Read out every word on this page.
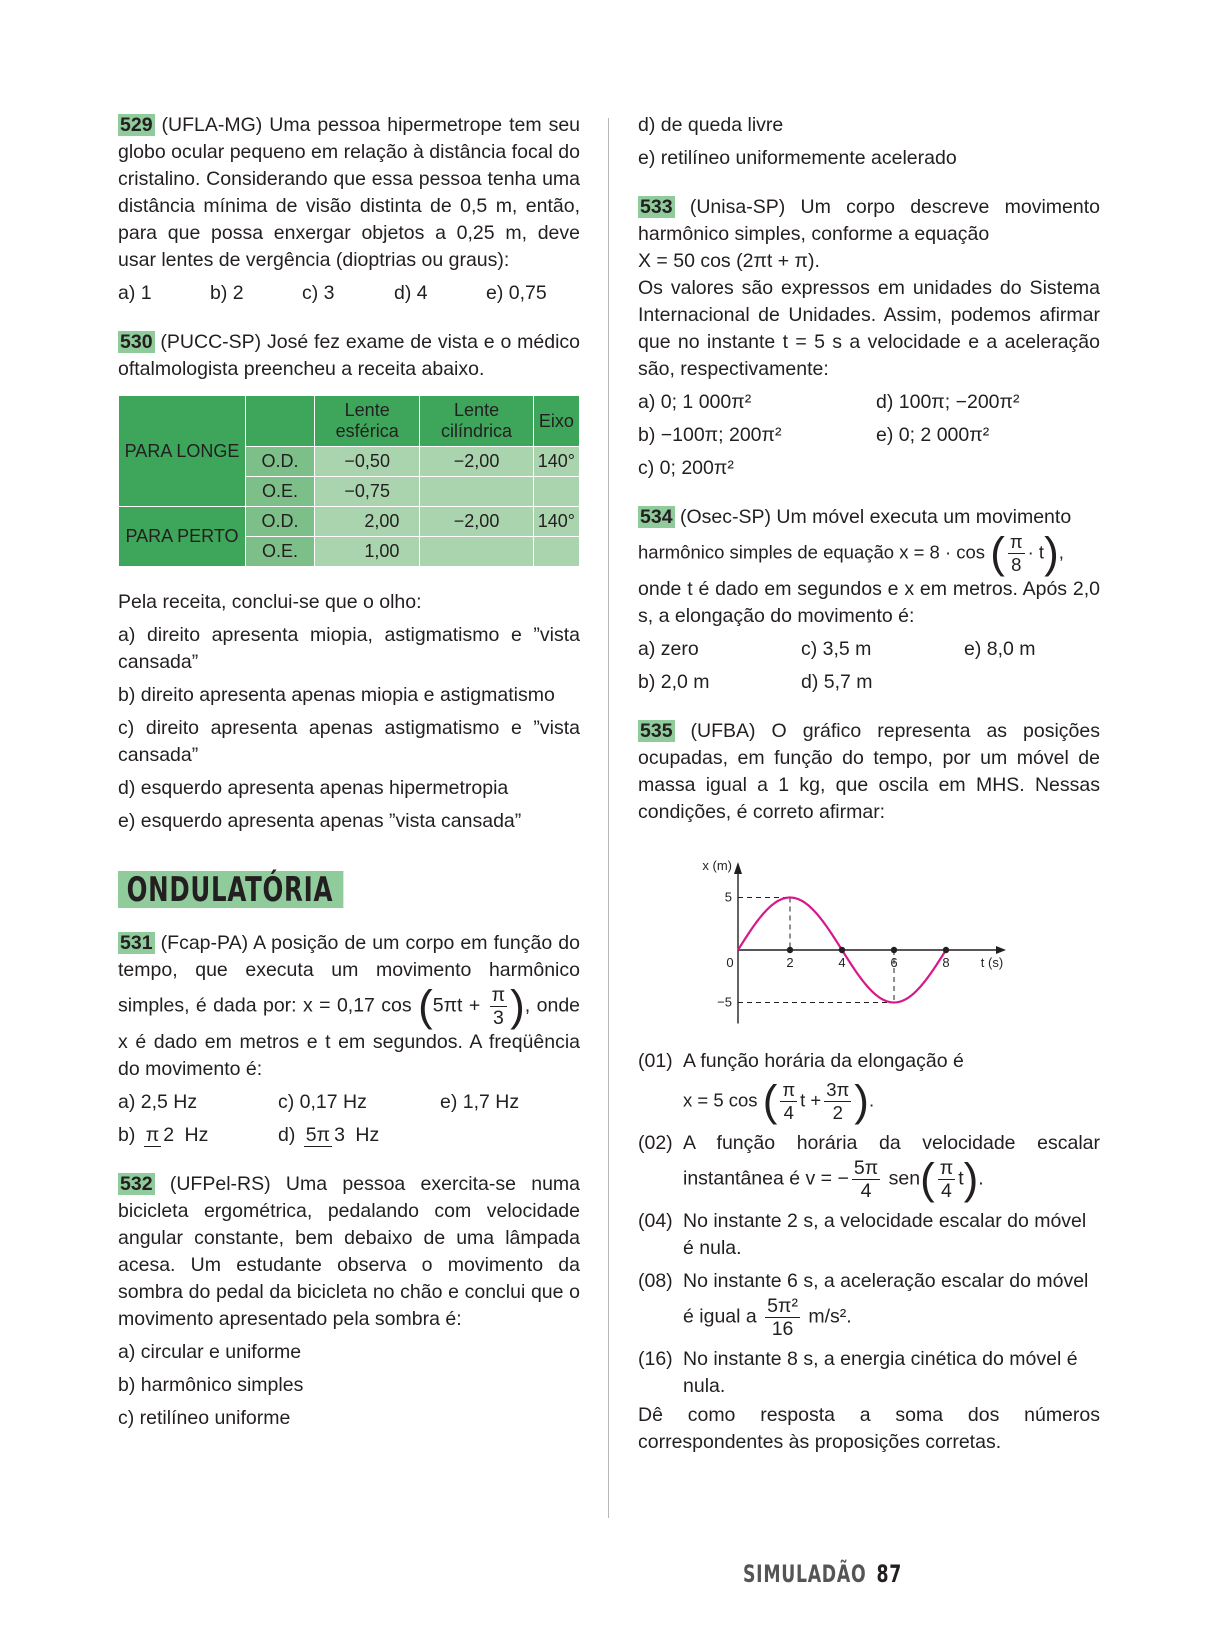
529 (UFLA-MG) Uma pessoa hipermetrope tem seu globo ocular pequeno em relação à distância focal do cristalino. Considerando que essa pessoa tenha uma distância mínima de visão distinta de 0,5 m, então, para que possa enxergar objetos a 0,25 m, deve usar lentes de vergência (dioptrias ou graus):

a) 1	b) 2	c) 3	d) 4	e) 0,75

530 (PUCC-SP) José fez exame de vista e o médico oftalmologista preencheu a receita abaixo.

PARA LONGE		Lente esférica	Lente cilíndrica	Eixo
	O.D.	−0,50	−2,00	140°
	O.E.	−0,75		
PARA PERTO	O.D.	2,00	−2,00	140°
	O.E.	1,00		

Pela receita, conclui-se que o olho:

a) direito apresenta miopia, astigmatismo e ”vista cansada”

b) direito apresenta apenas miopia e astigmatismo

c) direito apresenta apenas astigmatismo e ”vista cansada”

d) esquerdo apresenta apenas hipermetropia

e) esquerdo apresenta apenas ”vista cansada”

ONDULATÓRIA

531 (Fcap-PA) A posição de um corpo em função do tempo, que executa um movimento harmônico simples, é dada por: x = 0,17 $\cos (5\pi t + \frac{\pi}{3}$ ), onde x é dado em metros e t em segundos. A freqüência do movimento é:

a) 2,5 Hz	c) 0,17 Hz	e) 1,7 Hz
b) π 2 Hz	d) 5π 3 Hz

532 (UFPel-RS) Uma pessoa exercita-se numa bicicleta ergométrica, pedalando com velocidade angular constante, bem debaixo de uma lâmpada acesa. Um estudante observa o movimento da sombra do pedal da bicicleta no chão e conclui que o movimento apresentado pela sombra é:

a) circular e uniforme

b) harmônico simples

c) retilíneo uniforme

d) de queda livre

e) retilíneo uniformemente acelerado

533 (Unisa-SP) Um corpo descreve movimento harmônico simples, conforme a equação

X = 50 cos (2πt + π).

Os valores são expressos em unidades do Sistema Internacional de Unidades. Assim, podemos afirmar que no instante t = 5 s a velocidade e a aceleração são, respectivamente:

a) 0; 1 000π²	d) 100π; −200π²
b) −100π; 200π²	e) 0; 2 000π²
c) 0; 200π²

534 (Osec-SP) Um móvel executa um movimento

harmônico simples de equação x = 8 · cos ( $\frac{\pi}{8} \cdot t$),

onde t é dado em segundos e x em metros. Após 2,0 s, a elongação do movimento é:

a) zero	c) 3,5 m	e) 8,0 m
b) 2,0 m	d) 5,7 m

535 (UFBA) O gráfico representa as posições ocupadas, em função do tempo, por um móvel de massa igual a 1 kg, que oscila em MHS. Nessas condições, é correto afirmar:

0	2	4	6	8
5
−5
t (s)
x (m)
(01) A função horária da elongação é
x = 5 cos ( $\frac{\pi}{4}$ $t + \frac{3\pi}{2}$ ).
(02) A função horária da velocidade escalar instantânea é v = − $\frac{5\pi}{4} sen( \frac{\pi}{4} t)$.
(04) No instante 2 s, a velocidade escalar do móvel é nula.
(08) No instante 6 s, a aceleração escalar do móvel é igual a $\frac{\text{5π²}}{16} m/s^2$.
(16) No instante 8 s, a energia cinética do móvel é nula.

Dê como resposta a soma dos números correspondentes às proposições corretas.

SIMULADÃO 87
